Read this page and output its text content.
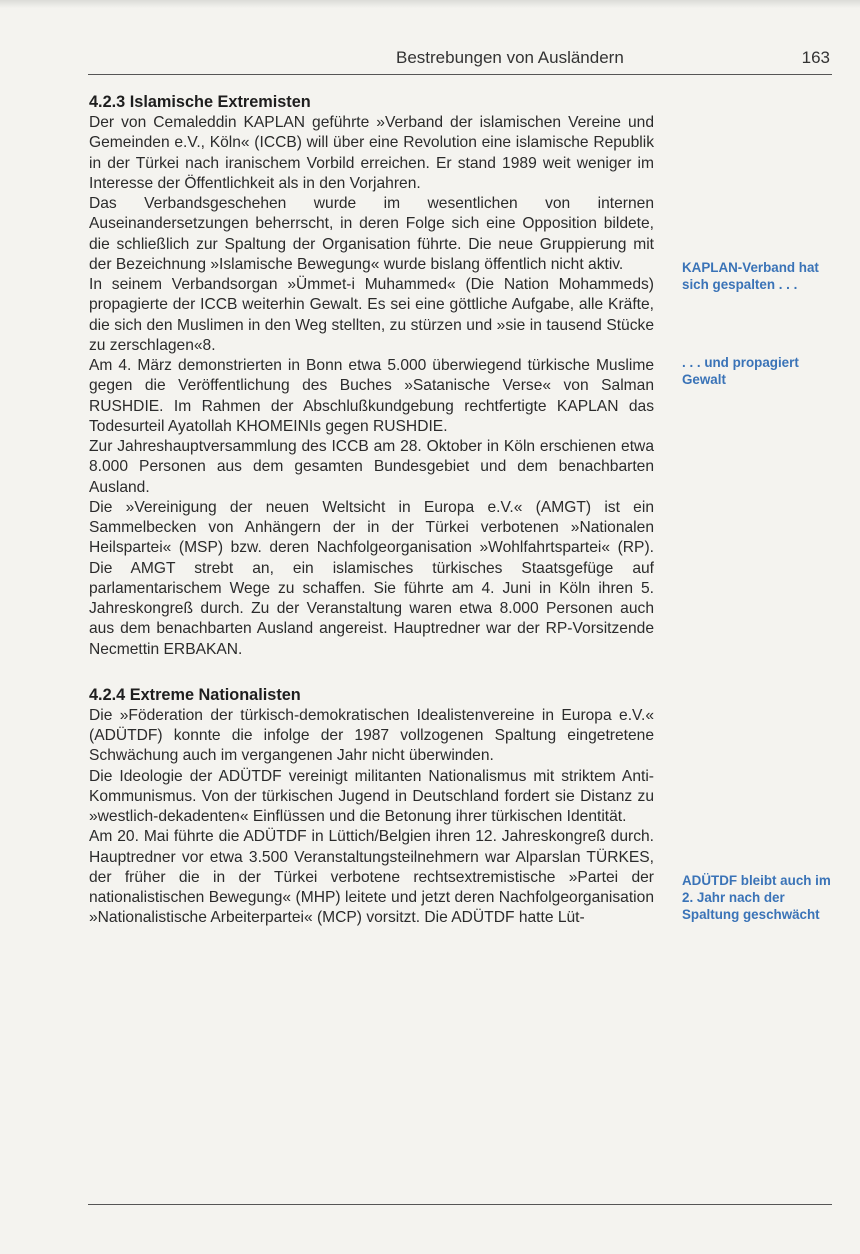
Bestrebungen von Ausländern	163
4.2.3 Islamische Extremisten

Der von Cemaleddin KAPLAN geführte »Verband der islamischen Vereine und Gemeinden e.V., Köln« (ICCB) will über eine Revolution eine islamische Republik in der Türkei nach iranischem Vorbild erreichen. Er stand 1989 weit weniger im Interesse der Öffentlichkeit als in den Vorjahren.

Das Verbandsgeschehen wurde im wesentlichen von internen Auseinandersetzungen beherrscht, in deren Folge sich eine Opposition bildete, die schließlich zur Spaltung der Organisation führte. Die neue Gruppierung mit der Bezeichnung »Islamische Bewegung« wurde bislang öffentlich nicht aktiv.

In seinem Verbandsorgan »Ümmet-i Muhammed« (Die Nation Mohammeds) propagierte der ICCB weiterhin Gewalt. Es sei eine göttliche Aufgabe, alle Kräfte, die sich den Muslimen in den Weg stellten, zu stürzen und »sie in tausend Stücke zu zerschlagen«8.

Am 4. März demonstrierten in Bonn etwa 5.000 überwiegend türkische Muslime gegen die Veröffentlichung des Buches »Satanische Verse« von Salman RUSHDIE. Im Rahmen der Abschlußkundgebung rechtfertigte KAPLAN das Todesurteil Ayatollah KHOMEINIs gegen RUSHDIE.

Zur Jahreshauptversammlung des ICCB am 28. Oktober in Köln erschienen etwa 8.000 Personen aus dem gesamten Bundesgebiet und dem benachbarten Ausland.

Die »Vereinigung der neuen Weltsicht in Europa e.V.« (AMGT) ist ein Sammelbecken von Anhängern der in der Türkei verbotenen »Nationalen Heilspartei« (MSP) bzw. deren Nachfolgeorganisation »Wohlfahrtspartei« (RP). Die AMGT strebt an, ein islamisches türkisches Staatsgefüge auf parlamentarischem Wege zu schaffen. Sie führte am 4. Juni in Köln ihren 5. Jahreskongreß durch. Zu der Veranstaltung waren etwa 8.000 Personen auch aus dem benachbarten Ausland angereist. Hauptredner war der RP-Vorsitzende Necmettin ERBAKAN.

4.2.4 Extreme Nationalisten

Die »Föderation der türkisch-demokratischen Idealistenvereine in Europa e.V.« (ADÜTDF) konnte die infolge der 1987 vollzogenen Spaltung eingetretene Schwächung auch im vergangenen Jahr nicht überwinden.

Die Ideologie der ADÜTDF vereinigt militanten Nationalismus mit striktem Anti-Kommunismus. Von der türkischen Jugend in Deutschland fordert sie Distanz zu »westlich-dekadenten« Einflüssen und die Betonung ihrer türkischen Identität.

Am 20. Mai führte die ADÜTDF in Lüttich/Belgien ihren 12. Jahreskongreß durch. Hauptredner vor etwa 3.500 Veranstaltungsteilnehmern war Alparslan TÜRKES, der früher die in der Türkei verbotene rechtsextremistische »Partei der nationalistischen Bewegung« (MHP) leitete und jetzt deren Nachfolgeorganisation »Nationalistische Arbeiterpartei« (MCP) vorsitzt. Die ADÜTDF hatte Lüt-

KAPLAN-Verband hat sich gespalten . . .
. . . und propagiert Gewalt
ADÜTDF bleibt auch im 2. Jahr nach der Spaltung geschwächt
